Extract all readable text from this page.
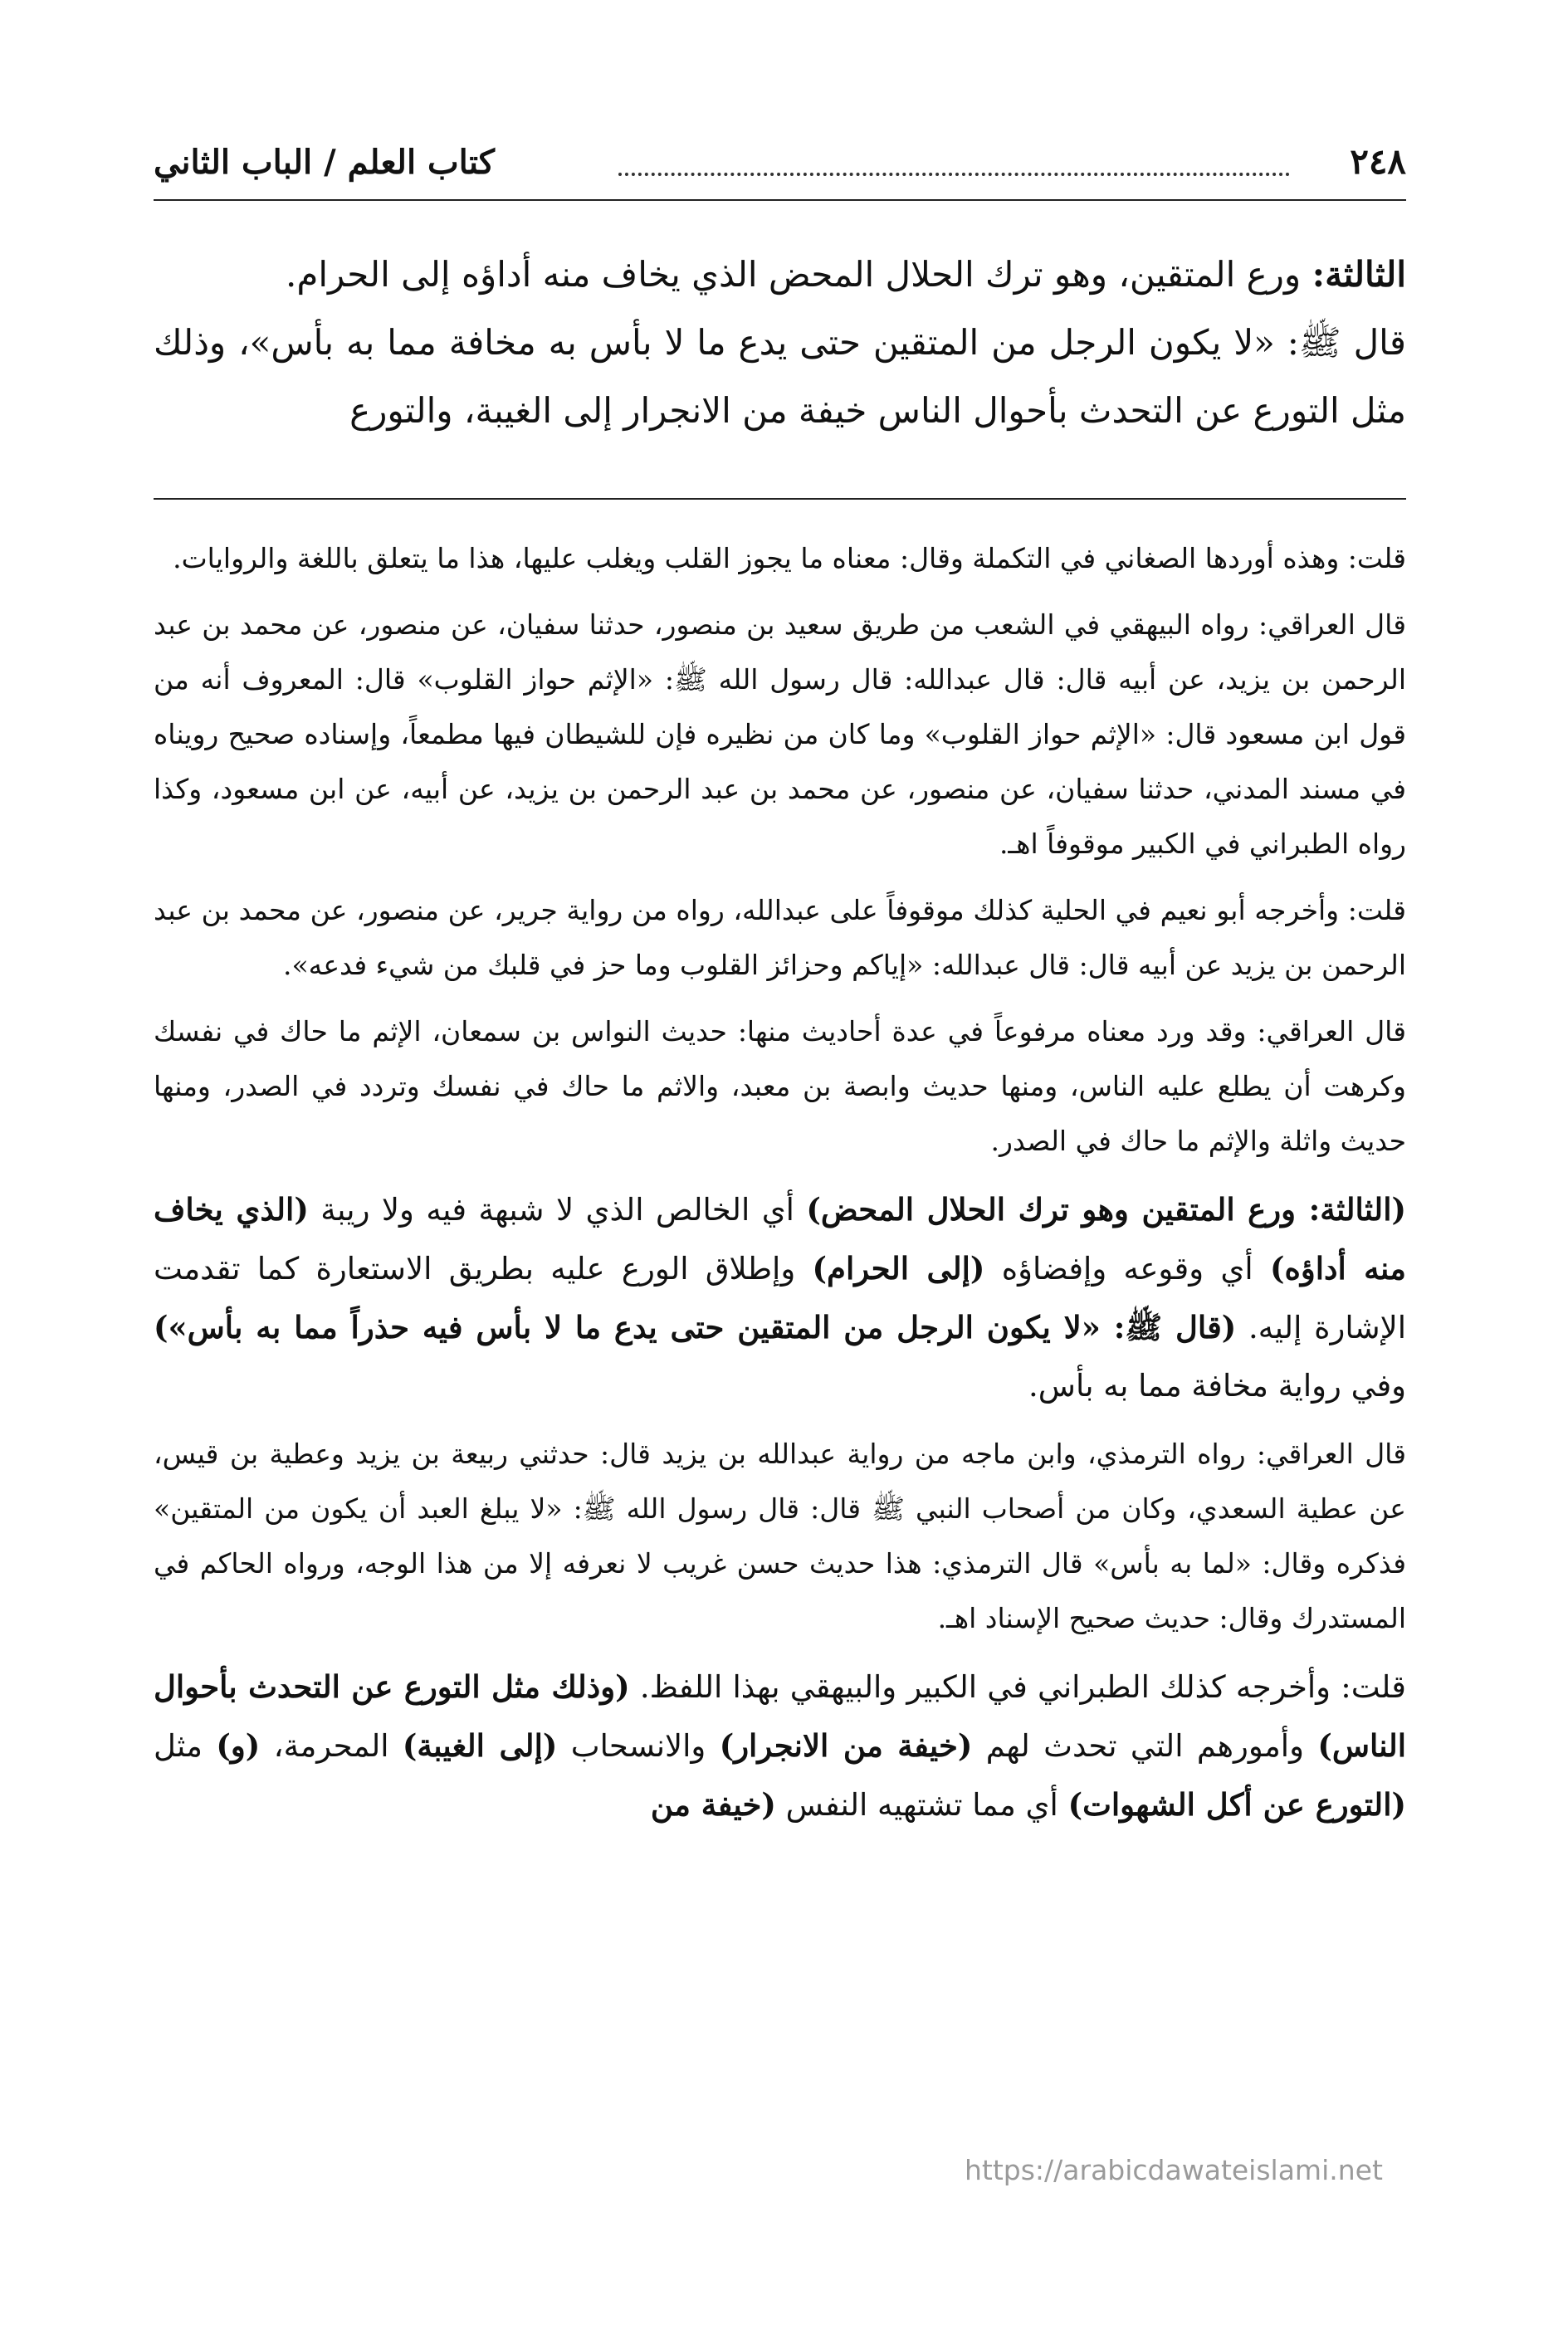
٢٤٨
كتاب العلم / الباب الثاني

الثالثة: ورع المتقين، وهو ترك الحلال المحض الذي يخاف منه أداؤه إلى الحرام.

قال ﷺ: «لا يكون الرجل من المتقين حتى يدع ما لا بأس به مخافة مما به بأس»، وذلك مثل التورع عن التحدث بأحوال الناس خيفة من الانجرار إلى الغيبة، والتورع

قلت: وهذه أوردها الصغاني في التكملة وقال: معناه ما يجوز القلب ويغلب عليها، هذا ما يتعلق باللغة والروايات.

قال العراقي: رواه البيهقي في الشعب من طريق سعيد بن منصور، حدثنا سفيان، عن منصور، عن محمد بن عبد الرحمن بن يزيد، عن أبيه قال: قال عبدالله: قال رسول الله ﷺ: «الإثم حواز القلوب» قال: المعروف أنه من قول ابن مسعود قال: «الإثم حواز القلوب» وما كان من نظيره فإن للشيطان فيها مطمعاً، وإسناده صحيح رويناه في مسند المدني، حدثنا سفيان، عن منصور، عن محمد بن عبد الرحمن بن يزيد، عن أبيه، عن ابن مسعود، وكذا رواه الطبراني في الكبير موقوفاً اهـ.

قلت: وأخرجه أبو نعيم في الحلية كذلك موقوفاً على عبدالله، رواه من رواية جرير، عن منصور، عن محمد بن عبد الرحمن بن يزيد عن أبيه قال: قال عبدالله: «إياكم وحزائز القلوب وما حز في قلبك من شيء فدعه».

قال العراقي: وقد ورد معناه مرفوعاً في عدة أحاديث منها: حديث النواس بن سمعان، الإثم ما حاك في نفسك وكرهت أن يطلع عليه الناس، ومنها حديث وابصة بن معبد، والاثم ما حاك في نفسك وتردد في الصدر، ومنها حديث واثلة والإثم ما حاك في الصدر.

(الثالثة: ورع المتقين وهو ترك الحلال المحض) أي الخالص الذي لا شبهة فيه ولا ريبة (الذي يخاف منه أداؤه) أي وقوعه وإفضاؤه (إلى الحرام) وإطلاق الورع عليه بطريق الاستعارة كما تقدمت الإشارة إليه. (قال ﷺ: «لا يكون الرجل من المتقين حتى يدع ما لا بأس فيه حذراً مما به بأس») وفي رواية مخافة مما به بأس.

قال العراقي: رواه الترمذي، وابن ماجه من رواية عبدالله بن يزيد قال: حدثني ربيعة بن يزيد وعطية بن قيس، عن عطية السعدي، وكان من أصحاب النبي ﷺ قال: قال رسول الله ﷺ: «لا يبلغ العبد أن يكون من المتقين» فذكره وقال: «لما به بأس» قال الترمذي: هذا حديث حسن غريب لا نعرفه إلا من هذا الوجه، ورواه الحاكم في المستدرك وقال: حديث صحيح الإسناد اهـ.

قلت: وأخرجه كذلك الطبراني في الكبير والبيهقي بهذا اللفظ. (وذلك مثل التورع عن التحدث بأحوال الناس) وأمورهم التي تحدث لهم (خيفة من الانجرار) والانسحاب (إلى الغيبة) المحرمة، (و) مثل (التورع عن أكل الشهوات) أي مما تشتهيه النفس (خيفة من

https://arabicdawateislami.net
